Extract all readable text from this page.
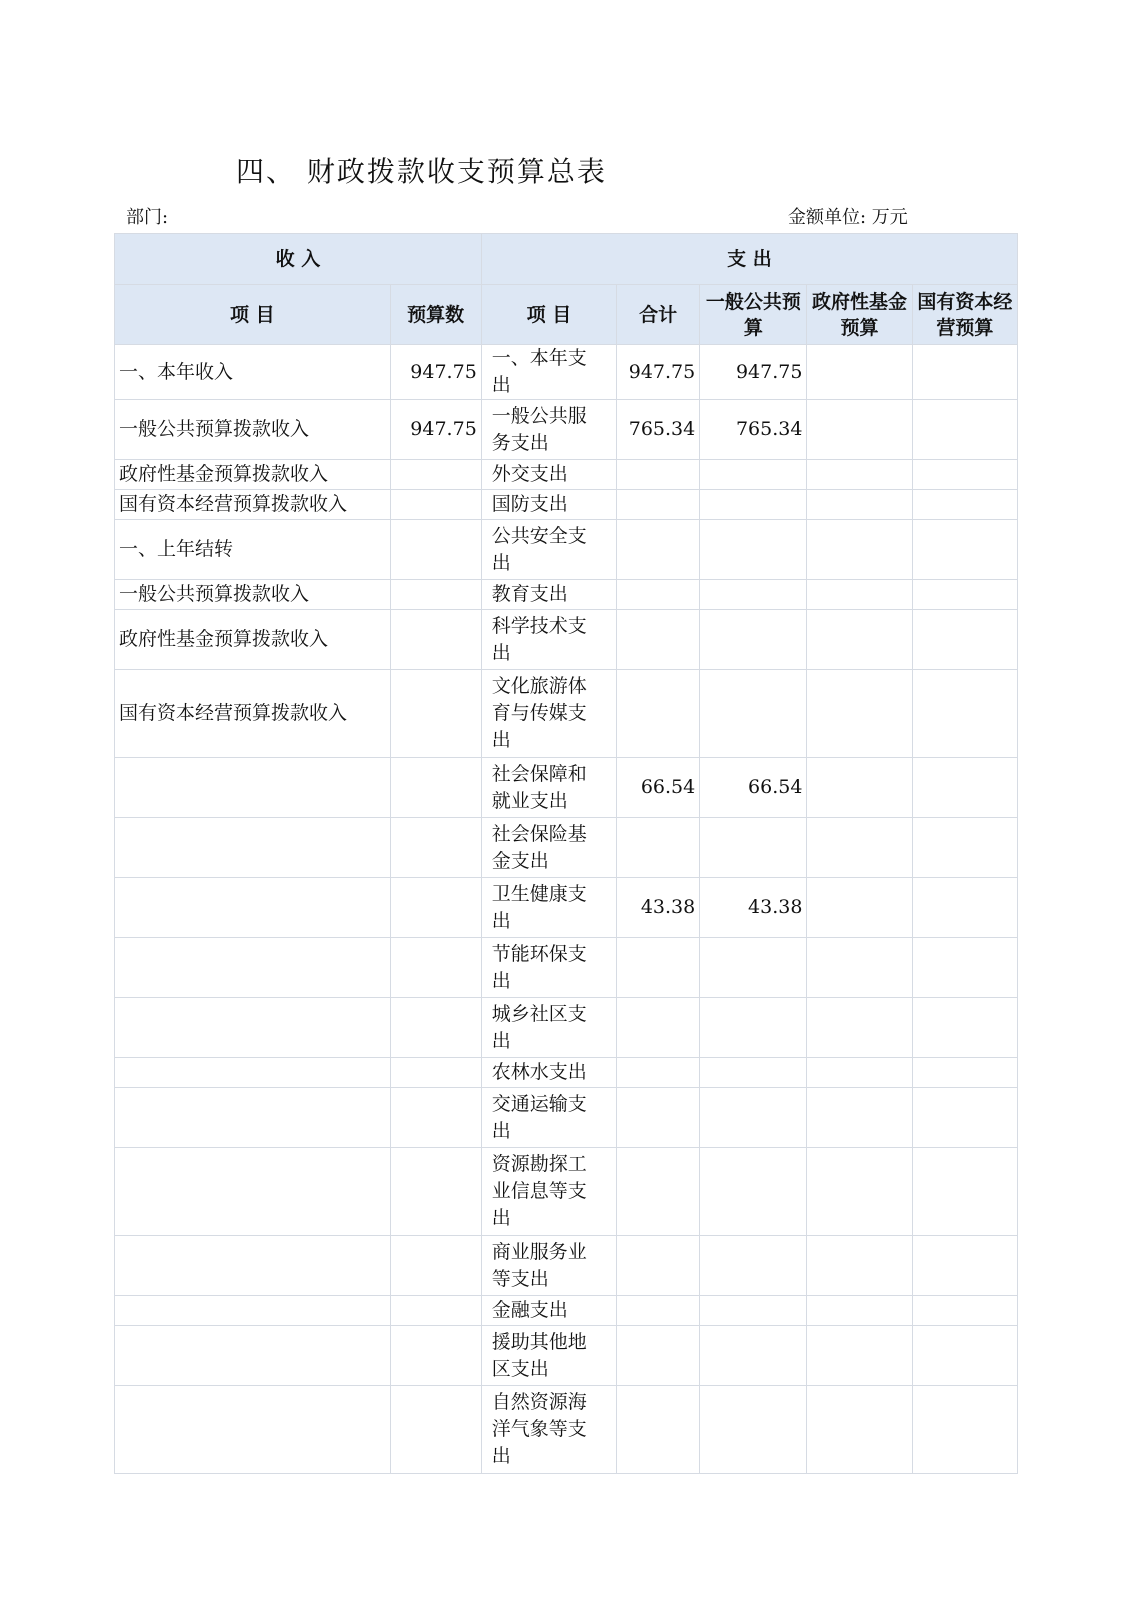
四、 财政拨款收支预算总表
部门:	金额单位: 万元
收 入		支 出				
项 目	预算数	项 目	合计	一般公共预算	政府性基金预算	国有资本经营预算
一、本年收入	947.75	一、本年支出	947.75	947.75		
一般公共预算拨款收入	947.75	一般公共服务支出	765.34	765.34		
政府性基金预算拨款收入		外交支出				
国有资本经营预算拨款收入		国防支出				
一、上年结转		公共安全支出				
一般公共预算拨款收入		教育支出				
政府性基金预算拨款收入		科学技术支出				
国有资本经营预算拨款收入		文化旅游体育与传媒支出				
		社会保障和就业支出	66.54	66.54		
		社会保险基金支出				
		卫生健康支出	43.38	43.38		
		节能环保支出				
		城乡社区支出				
		农林水支出				
		交通运输支出				
		资源勘探工业信息等支出				
		商业服务业等支出				
		金融支出				
		援助其他地区支出				
		自然资源海洋气象等支出				
